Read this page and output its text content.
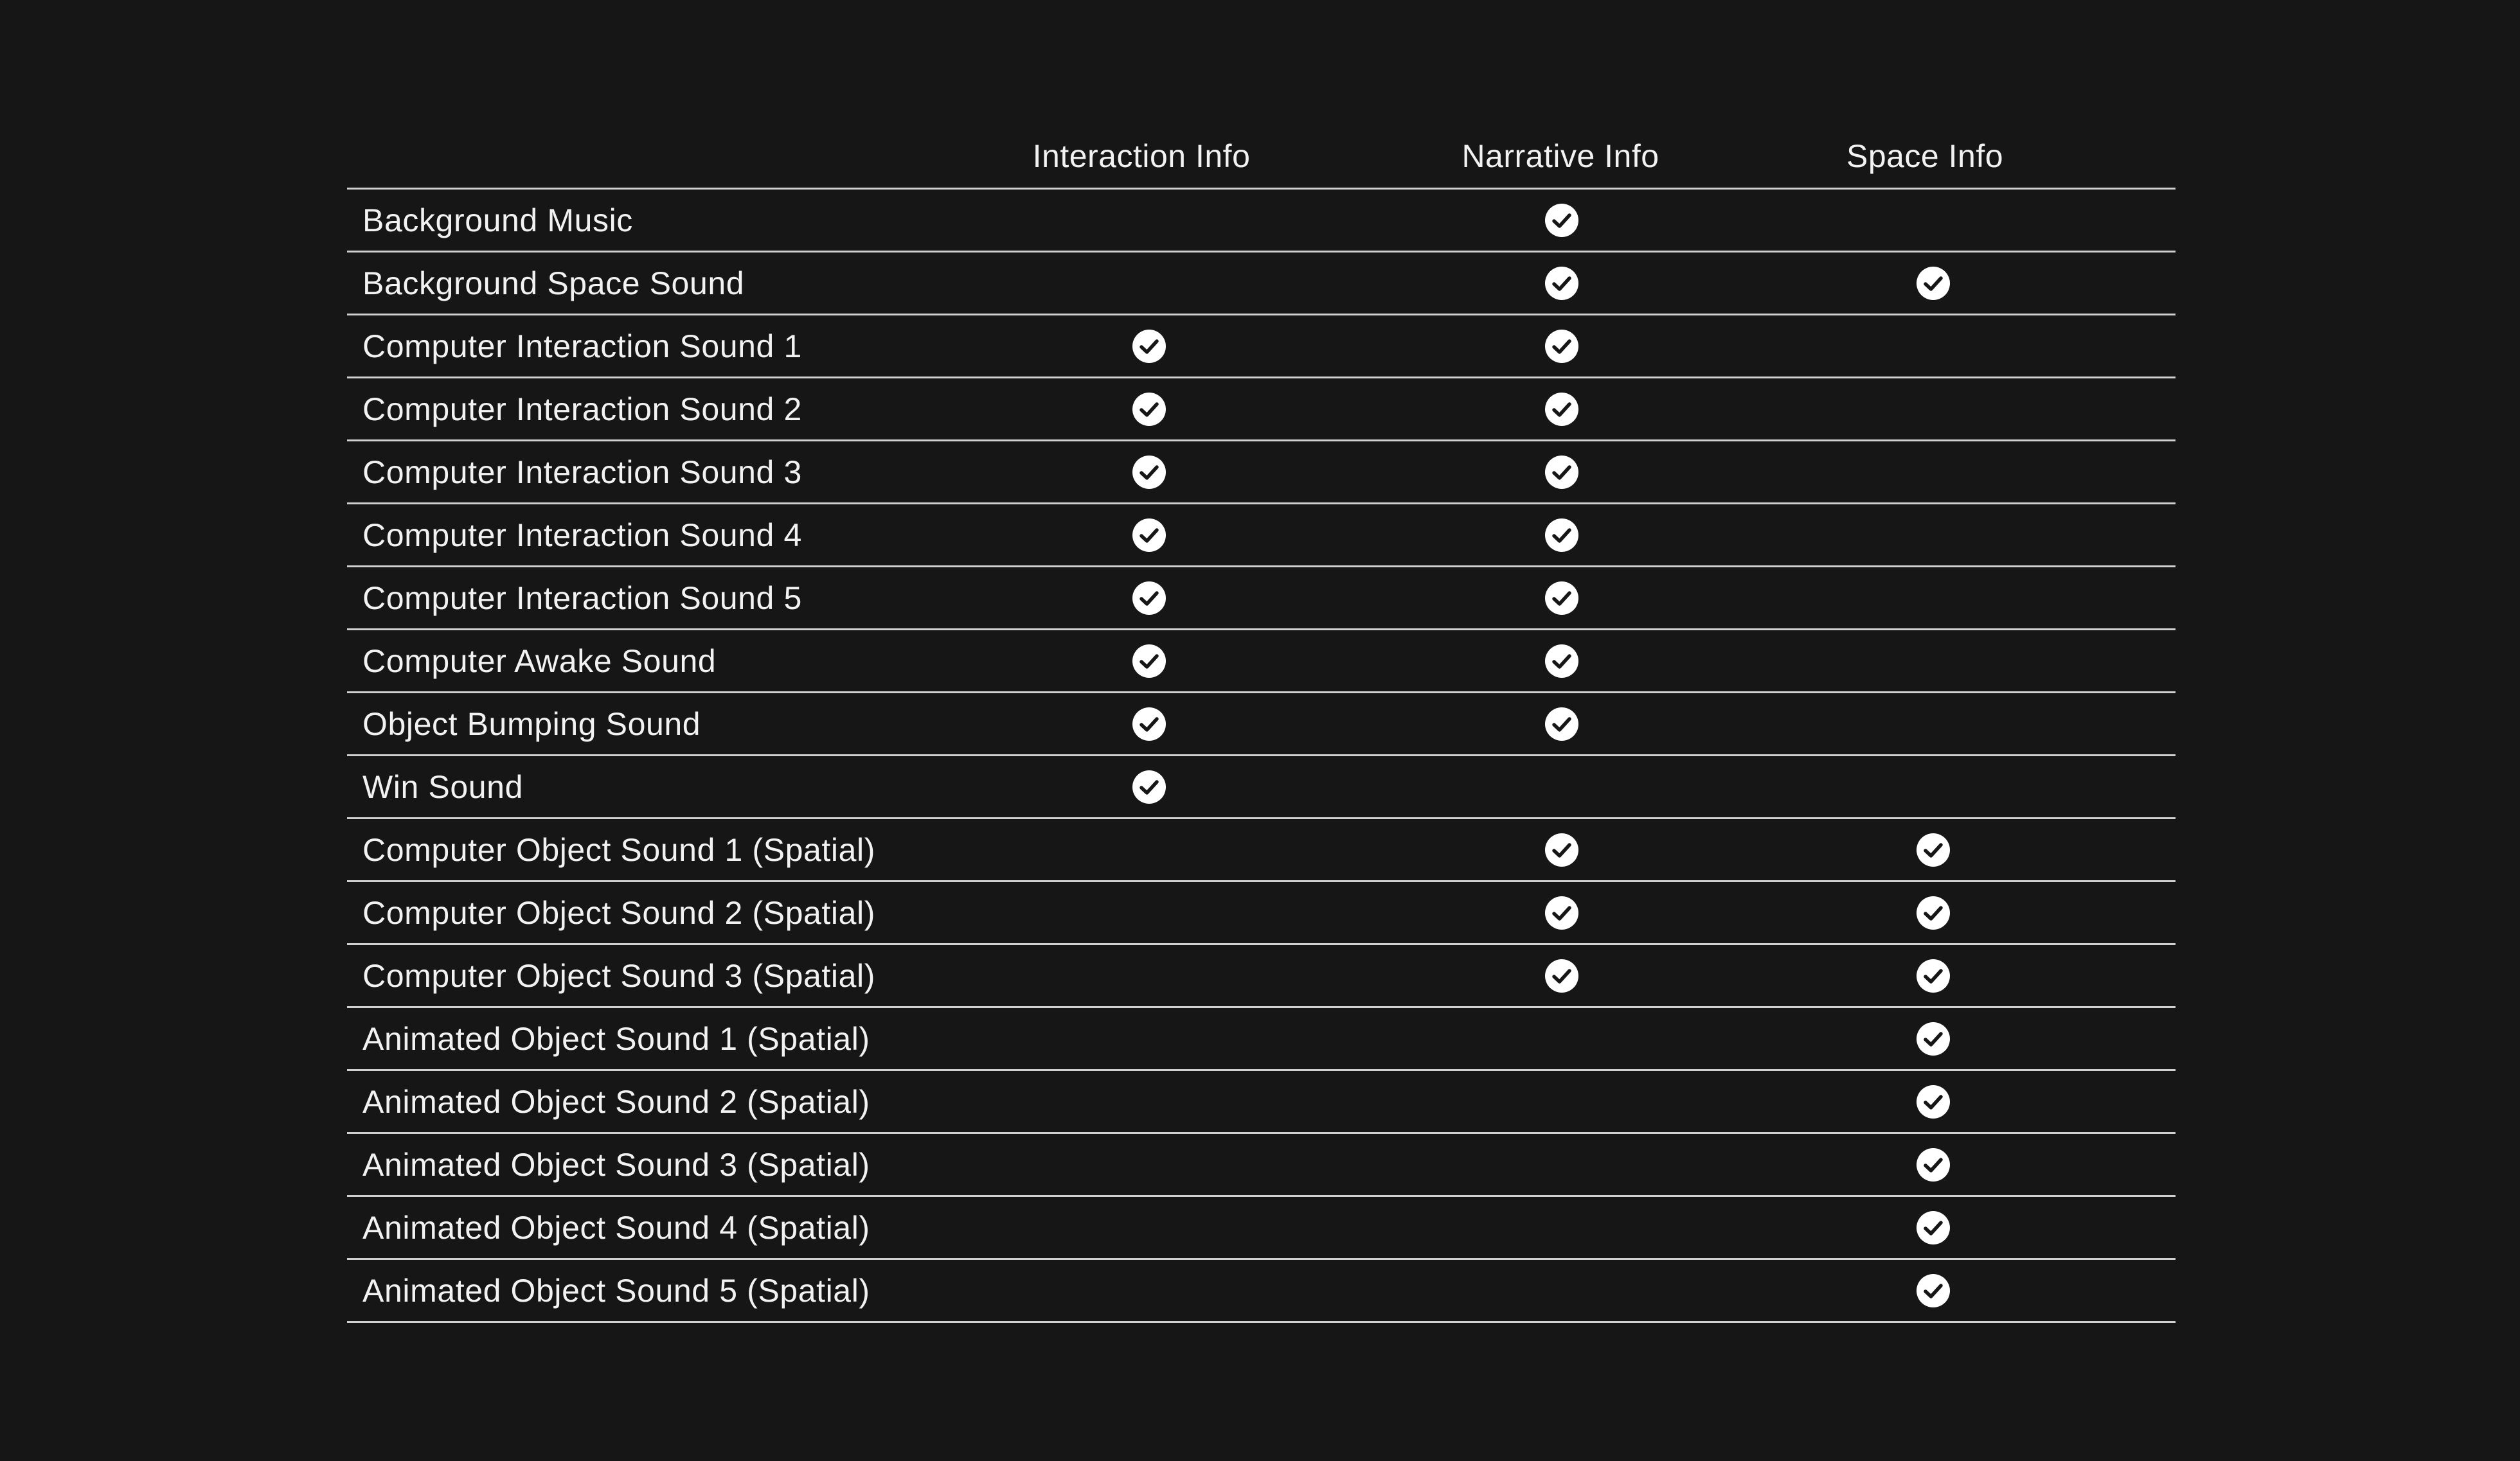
Interaction Info	Narrative Info	Space Info
Background Music
Background Space Sound
Computer Interaction Sound 1
Computer Interaction Sound 2
Computer Interaction Sound 3
Computer Interaction Sound 4
Computer Interaction Sound 5
Computer Awake Sound
Object Bumping Sound
Win Sound
Computer Object Sound 1 (Spatial)
Computer Object Sound 2 (Spatial)
Computer Object Sound 3 (Spatial)
Animated Object Sound 1 (Spatial)
Animated Object Sound 2 (Spatial)
Animated Object Sound 3 (Spatial)
Animated Object Sound 4 (Spatial)
Animated Object Sound 5 (Spatial)
